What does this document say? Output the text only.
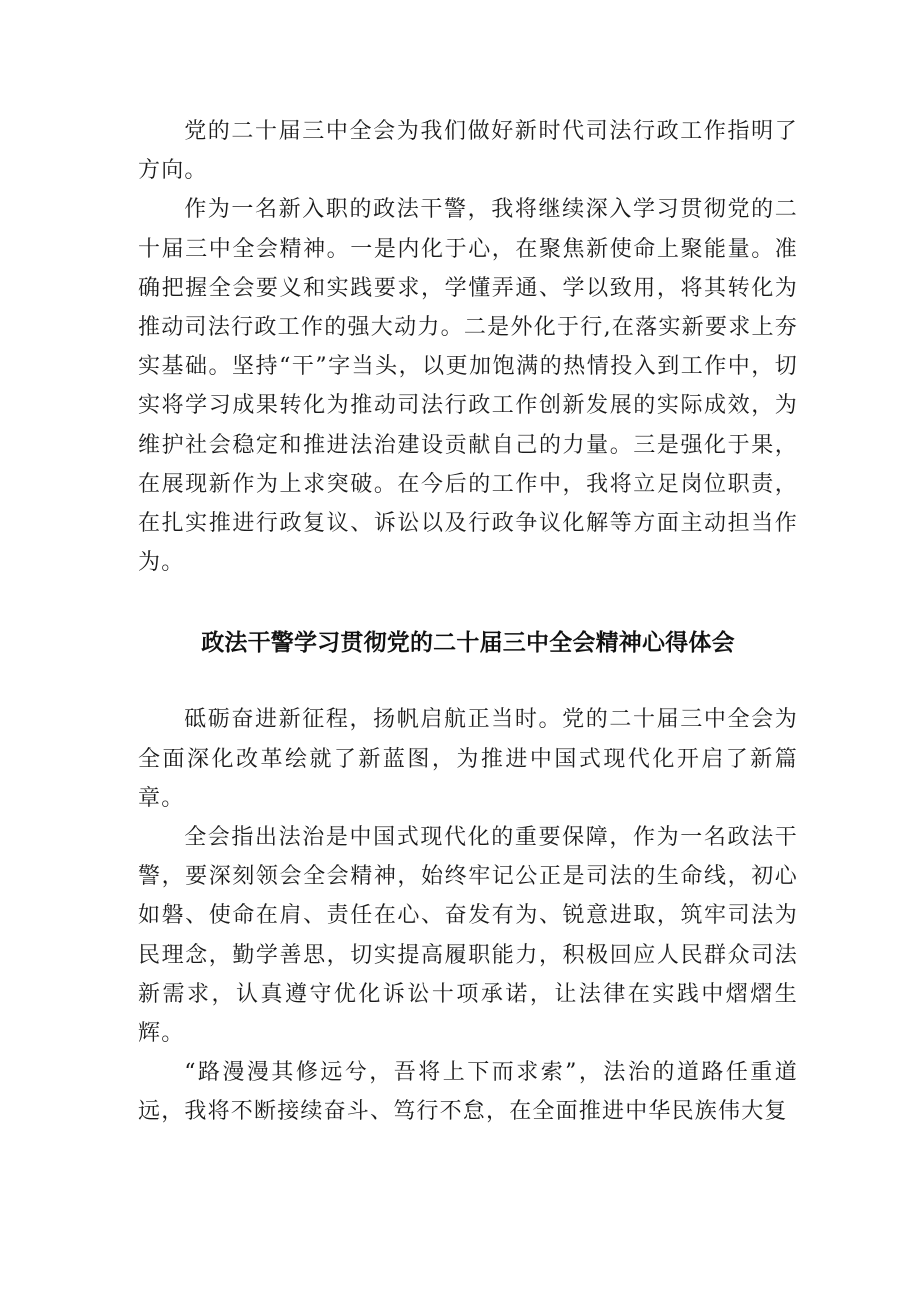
党的二十届三中全会为我们做好新时代司法行政工作指明了方向。

作为一名新入职的政法干警，我将继续深入学习贯彻党的二十届三中全会精神。一是内化于心，在聚焦新使命上聚能量。准确把握全会要义和实践要求，学懂弄通、学以致用，将其转化为推动司法行政工作的强大动力。二是外化于行,在落实新要求上夯实基础。坚持“干”字当头，以更加饱满的热情投入到工作中，切实将学习成果转化为推动司法行政工作创新发展的实际成效，为维护社会稳定和推进法治建设贡献自己的力量。三是强化于果，在展现新作为上求突破。在今后的工作中，我将立足岗位职责，在扎实推进行政复议、诉讼以及行政争议化解等方面主动担当作为。

政法干警学习贯彻党的二十届三中全会精神心得体会

砥砺奋进新征程，扬帆启航正当时。党的二十届三中全会为全面深化改革绘就了新蓝图，为推进中国式现代化开启了新篇章。

全会指出法治是中国式现代化的重要保障，作为一名政法干警，要深刻领会全会精神，始终牢记公正是司法的生命线，初心如磐、使命在肩、责任在心、奋发有为、锐意进取，筑牢司法为民理念，勤学善思，切实提高履职能力，积极回应人民群众司法新需求，认真遵守优化诉讼十项承诺，让法律在实践中熠熠生辉。

“路漫漫其修远兮，吾将上下而求索”，法治的道路任重道远，我将不断接续奋斗、笃行不怠，在全面推进中华民族伟大复
